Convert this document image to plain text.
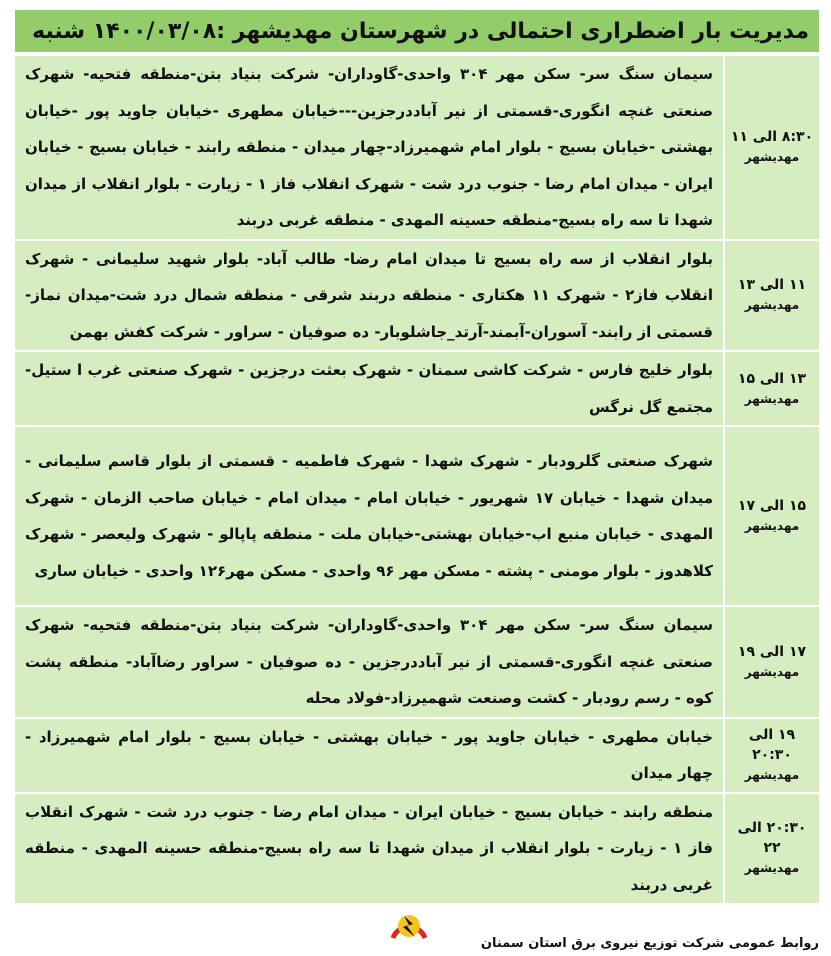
مدیریت بار اضطراری احتمالی در شهرستان مهدیشهر :۱۴۰۰/۰۳/۰۸ شنبه
۸:۳۰ الی ۱۱
مهدیشهر	سیمان سنگ سر- سکن مهر ۳۰۴ واحدی-گاوداران- شرکت بنیاد بتن-منطقه فتحیه- شهرک صنعتی غنچه انگوری-قسمتی از نیر آباددرجزین---خیابان مطهری -خیابان جاوید پور -خیابان بهشتی -خیابان بسیج - بلوار امام شهمیرزاد-چهار میدان - منطقه رابند - خیابان بسیج - خیابان ایران - میدان امام رضا - جنوب درد شت - شهرک انقلاب فاز ۱ - زیارت - بلوار انقلاب از میدان شهدا تا سه راه بسیج-منطقه حسینه المهدی - منطقه غربی دربند
۱۱ الی ۱۳
مهدیشهر	بلوار انقلاب از سه راه بسیج تا میدان امام رضا- طالب آباد- بلوار شهید سلیمانی - شهرک انقلاب فاز۲ - شهرک ۱۱ هکتاری - منطقه دربند شرقی - منطقه شمال درد شت-میدان نماز-قسمتی از رابند- آسوران-آبمند-آرتد_جاشلوبار- ده صوفیان - سراور - شرکت کفش بهمن
۱۳ الی ۱۵
مهدیشهر	بلوار خلیج فارس - شرکت کاشی سمنان - شهرک بعثت درجزین - شهرک صنعتی غرب ا ستیل-مجتمع گل نرگس
۱۵ الی ۱۷
مهدیشهر	شهرک صنعتی گلرودبار - شهرک شهدا - شهرک فاطمیه - قسمتی از بلوار قاسم سلیمانی - میدان شهدا - خیابان ۱۷ شهریور - خیابان امام - میدان امام - خیابان صاحب الزمان - شهرک المهدی - خیابان منبع اب-خیابان بهشتی-خیابان ملت - منطقه پاپالو - شهرک ولیعصر - شهرک کلاهدوز - بلوار مومنی - پشته - مسکن مهر ۹۶ واحدی - مسکن مهر۱۲۶ واحدی - خیابان ساری
۱۷ الی ۱۹
مهدیشهر	سیمان سنگ سر- سکن مهر ۳۰۴ واحدی-گاوداران- شرکت بنیاد بتن-منطقه فتحیه- شهرک صنعتی غنچه انگوری-قسمتی از نیر آباددرجزین - ده صوفیان - سراور رضاآباد- منطقه پشت کوه - رسم رودبار - کشت وصنعت شهمیرزاد-فولاد محله
۱۹ الی ۲۰:۳۰
مهدیشهر	خیابان مطهری - خیابان جاوید پور - خیابان بهشتی - خیابان بسیج - بلوار امام شهمیرزاد - چهار میدان
۲۰:۳۰ الی ۲۲
مهدیشهر	منطقه رابند - خیابان بسیج - خیابان ایران - میدان امام رضا - جنوب درد شت - شهرک انقلاب فاز ۱ - زیارت - بلوار انقلاب از میدان شهدا تا سه راه بسیج-منطقه حسینه المهدی - منطقه غربی دربند
روابط عمومی شرکت توزیع نیروی برق استان سمنان
